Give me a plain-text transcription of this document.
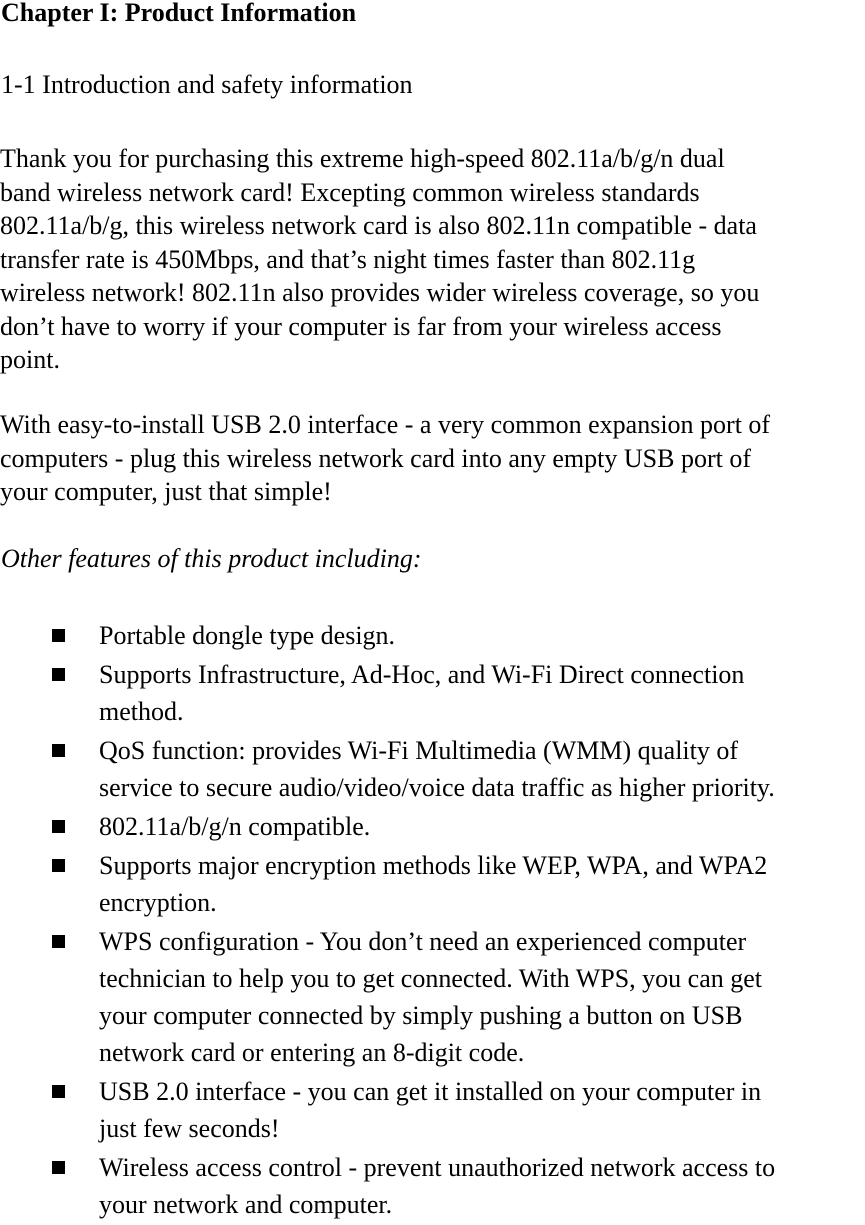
Chapter I: Product Information
1-1 Introduction and safety information

Thank you for purchasing this extreme high-speed 802.11a/b/g/n dual
band wireless network card! Excepting common wireless standards
802.11a/b/g, this wireless network card is also 802.11n compatible - data
transfer rate is 450Mbps, and that’s night times faster than 802.11g
wireless network! 802.11n also provides wider wireless coverage, so you
don’t have to worry if your computer is far from your wireless access
point.

With easy-to-install USB 2.0 interface - a very common expansion port of
computers - plug this wireless network card into any empty USB port of
your computer, just that simple!

Other features of this product including:

Portable dongle type design.
Supports Infrastructure, Ad-Hoc, and Wi-Fi Direct connection
method.
QoS function: provides Wi-Fi Multimedia (WMM) quality of
service to secure audio/video/voice data traffic as higher priority.
802.11a/b/g/n compatible.
Supports major encryption methods like WEP, WPA, and WPA2
encryption.
WPS configuration - You don’t need an experienced computer
technician to help you to get connected. With WPS, you can get
your computer connected by simply pushing a button on USB
network card or entering an 8-digit code.
USB 2.0 interface - you can get it installed on your computer in
just few seconds!
Wireless access control - prevent unauthorized network access to
your network and computer.
